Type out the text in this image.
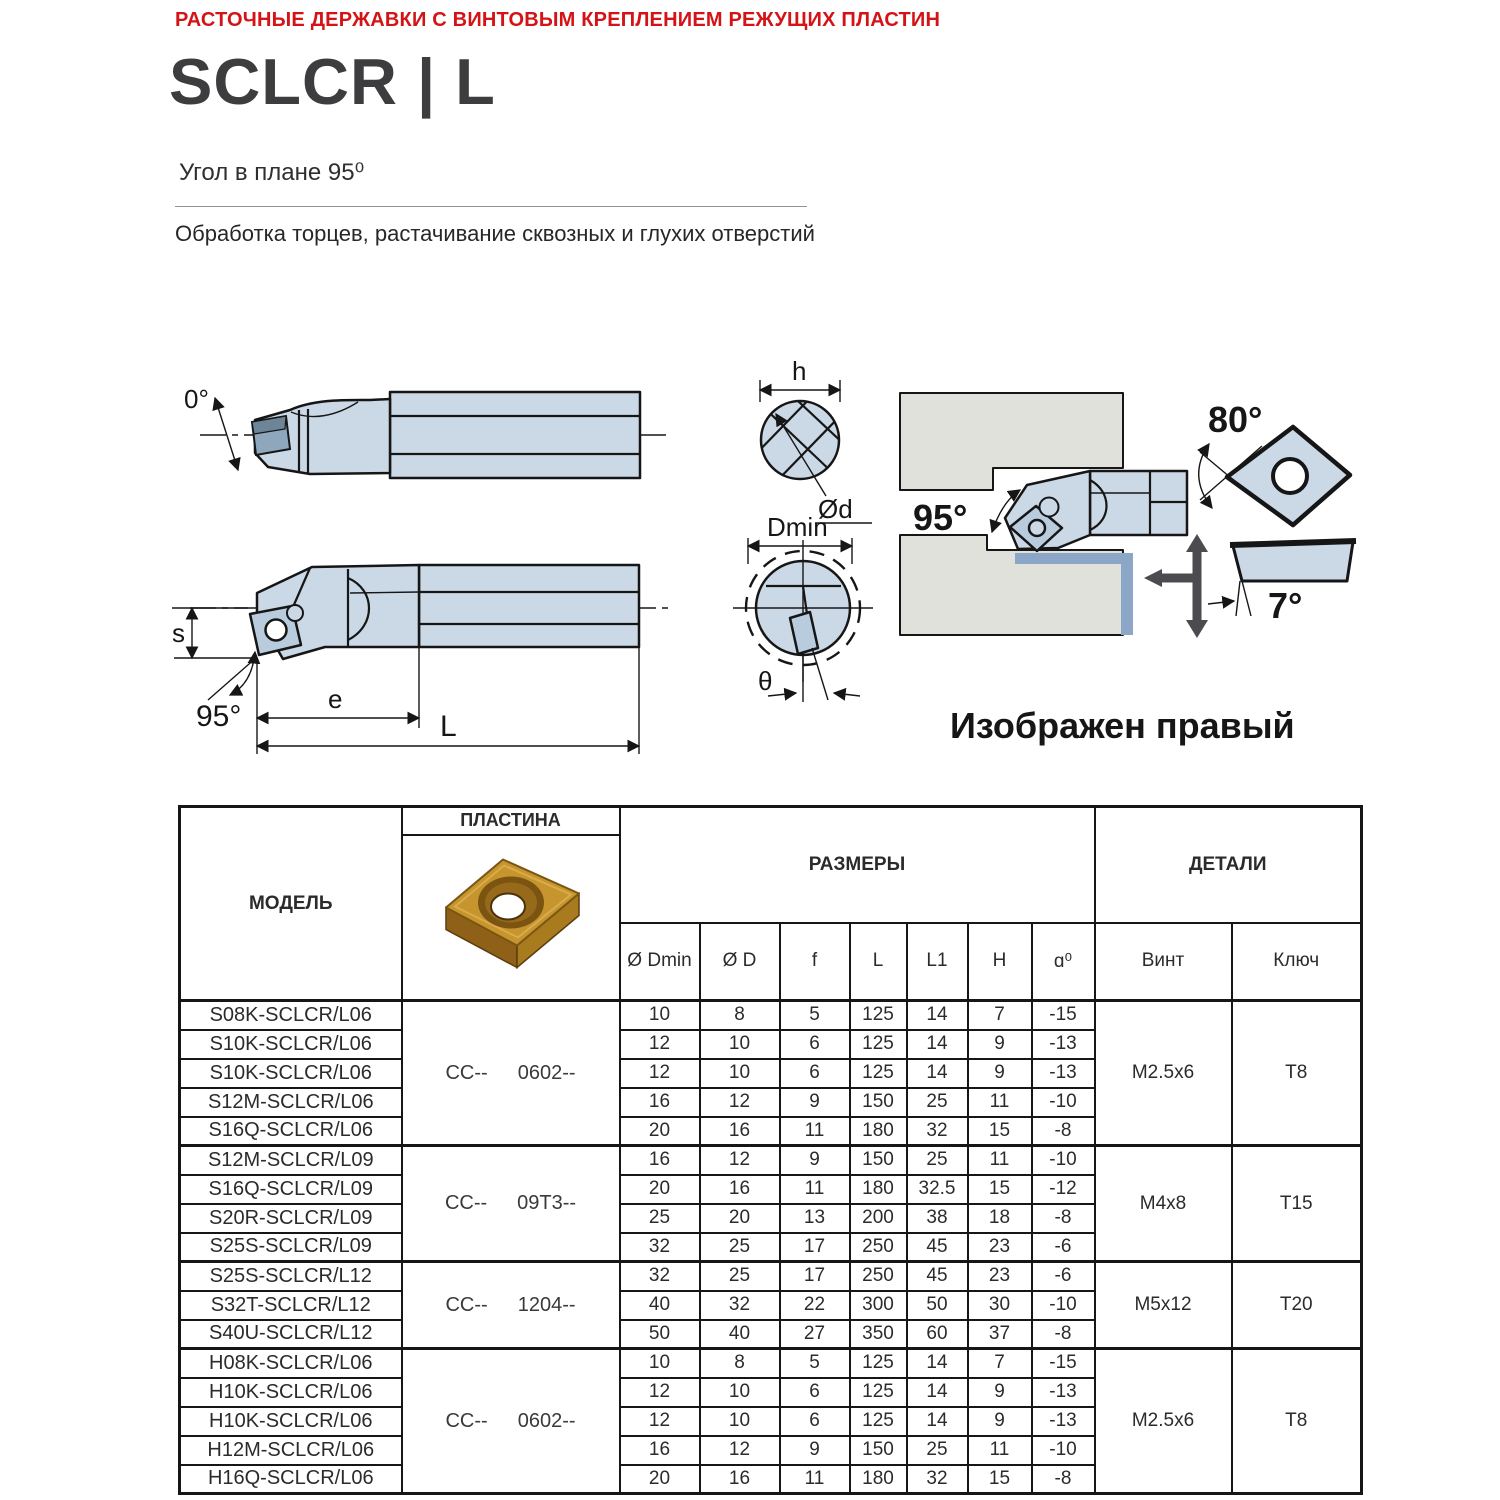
РАСТОЧНЫЕ ДЕРЖАВКИ С ВИНТОВЫМ КРЕПЛЕНИЕМ РЕЖУЩИХ ПЛАСТИН
SCLCR | L
Угол в плане 95⁰
Обработка торцев, растачивание сквозных и глухих отверстий
0°
s
95°
e
L
h
Ød
Dmin
θ
95°
80°
7°
Изображен правый
МОДЕЛЬ	ПЛАСТИНА	РАЗМЕРЫ							ДЕТАЛИ	

		Ø Dmin	Ø D	f	L	L1	H	ɑ⁰	Винт	Ключ
S08K-SCLCR/L06	CC-- 0602--	10	8	5	125	14	7	-15	M2.5x6	T8
S10K-SCLCR/L06		12	10	6	125	14	9	-13		
S10K-SCLCR/L06		12	10	6	125	14	9	-13		
S12M-SCLCR/L06		16	12	9	150	25	11	-10		
S16Q-SCLCR/L06		20	16	11	180	32	15	-8		
S12M-SCLCR/L09	CC-- 09T3--	16	12	9	150	25	11	-10	M4x8	T15
S16Q-SCLCR/L09		20	16	11	180	32.5	15	-12		
S20R-SCLCR/L09		25	20	13	200	38	18	-8		
S25S-SCLCR/L09		32	25	17	250	45	23	-6		
S25S-SCLCR/L12	CC-- 1204--	32	25	17	250	45	23	-6	M5x12	T20
S32T-SCLCR/L12		40	32	22	300	50	30	-10		
S40U-SCLCR/L12		50	40	27	350	60	37	-8		
H08K-SCLCR/L06	CC-- 0602--	10	8	5	125	14	7	-15	M2.5x6	T8
H10K-SCLCR/L06		12	10	6	125	14	9	-13		
H10K-SCLCR/L06		12	10	6	125	14	9	-13		
H12M-SCLCR/L06		16	12	9	150	25	11	-10		
H16Q-SCLCR/L06		20	16	11	180	32	15	-8		
